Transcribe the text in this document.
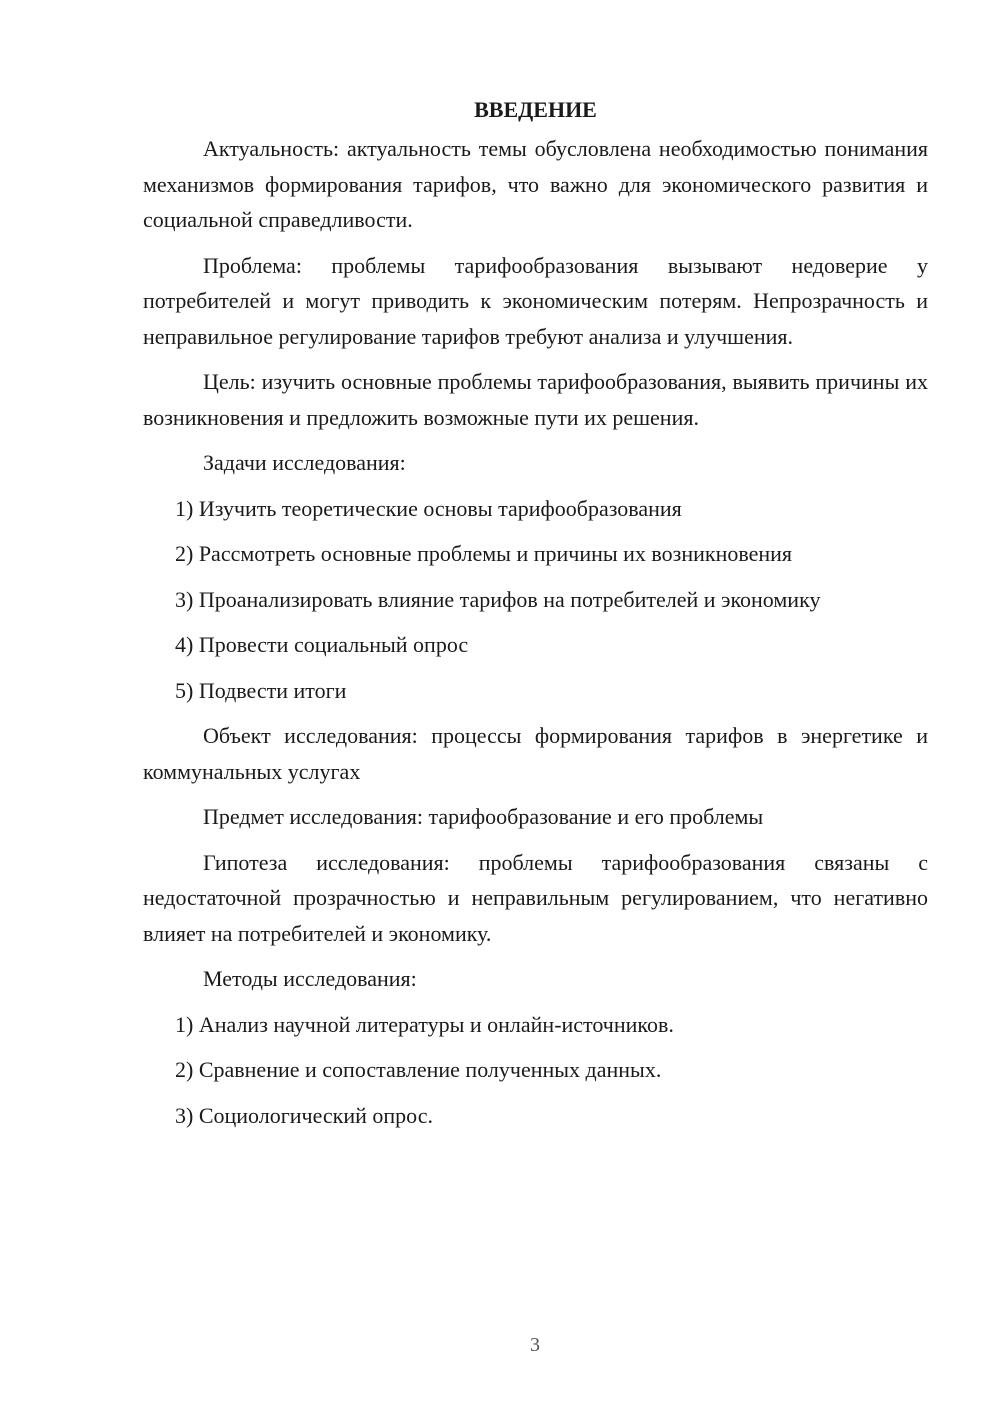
ВВЕДЕНИЕ

Актуальность: актуальность темы обусловлена необходимостью понимания механизмов формирования тарифов, что важно для экономического развития и социальной справедливости.

Проблема: проблемы тарифообразования вызывают недоверие у потребителей и могут приводить к экономическим потерям. Непрозрачность и неправильное регулирование тарифов требуют анализа и улучшения.

Цель: изучить основные проблемы тарифообразования, выявить причины их возникновения и предложить возможные пути их решения.

Задачи исследования:

1) Изучить теоретические основы тарифообразования
2) Рассмотреть основные проблемы и причины их возникновения
3) Проанализировать влияние тарифов на потребителей и экономику
4) Провести социальный опрос
5) Подвести итоги

Объект исследования: процессы формирования тарифов в энергетике и коммунальных услугах

Предмет исследования: тарифообразование и его проблемы

Гипотеза исследования: проблемы тарифообразования связаны с недостаточной прозрачностью и неправильным регулированием, что негативно влияет на потребителей и экономику.

Методы исследования:

1) Анализ научной литературы и онлайн-источников.
2) Сравнение и сопоставление полученных данных.
3) Социологический опрос.
3
